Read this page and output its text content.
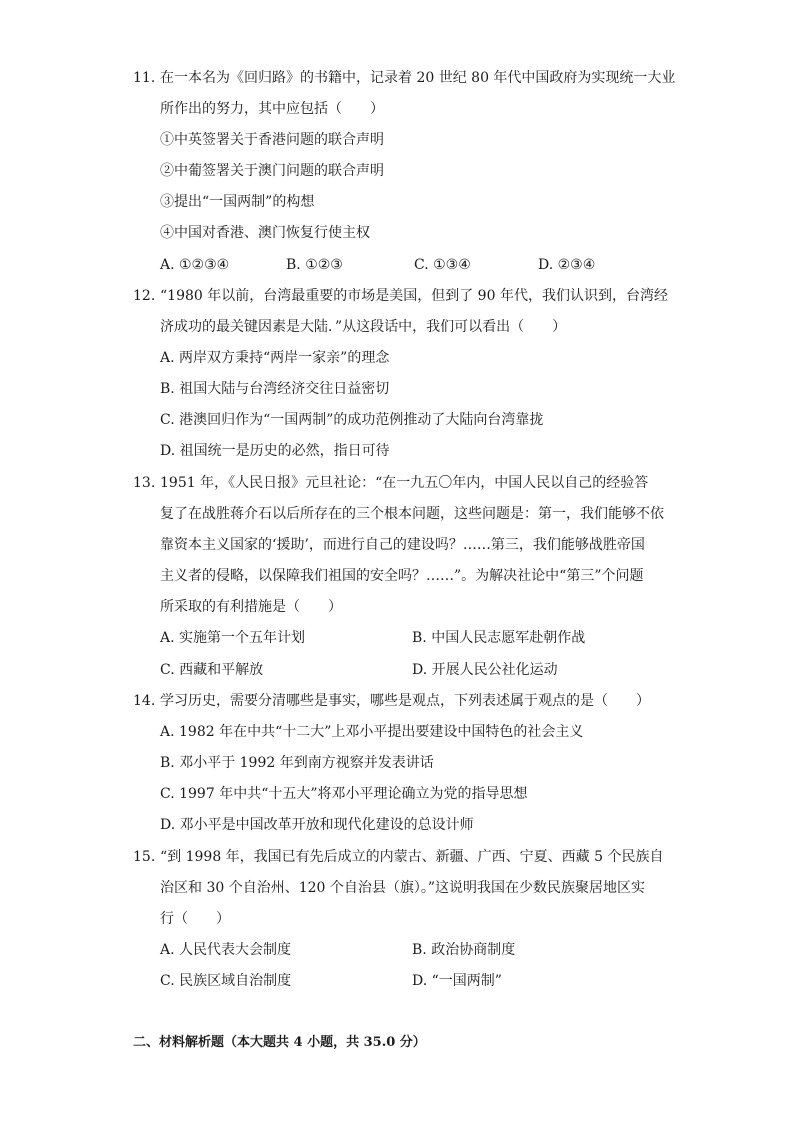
11. 在一本名为《回归路》的书籍中，记录着 20 世纪 80 年代中国政府为实现统一大业
所作出的努力，其中应包括（　　）
①中英签署关于香港问题的联合声明
②中葡签署关于澳门问题的联合声明
③提出“一国两制”的构想
④中国对香港、澳门恢复行使主权
A. ①②③④	B. ①②③	C. ①③④	D. ②③④
12. “1980 年以前，台湾最重要的市场是美国，但到了 90 年代，我们认识到，台湾经
济成功的最关键因素是大陆．”从这段话中，我们可以看出（　　）
A. 两岸双方秉持“两岸一家亲”的理念
B. 祖国大陆与台湾经济交往日益密切
C. 港澳回归作为“一国两制”的成功范例推动了大陆向台湾靠拢
D. 祖国统一是历史的必然，指日可待
13. 1951 年，《人民日报》元旦社论：“在一九五〇年内，中国人民以自己的经验答
复了在战胜蒋介石以后所存在的三个根本问题，这些问题是：第一，我们能够不依
靠资本主义国家的‘援助’，而进行自己的建设吗？……第三，我们能够战胜帝国
主义者的侵略，以保障我们祖国的安全吗？……”。为解决社论中“第三”个问题
所采取的有利措施是（　　）
A. 实施第一个五年计划	B. 中国人民志愿军赴朝作战
C. 西藏和平解放	D. 开展人民公社化运动
14. 学习历史，需要分清哪些是事实，哪些是观点，下列表述属于观点的是（　　）
A. 1982 年在中共“十二大”上邓小平提出要建设中国特色的社会主义
B. 邓小平于 1992 年到南方视察并发表讲话
C. 1997 年中共“十五大”将邓小平理论确立为党的指导思想
D. 邓小平是中国改革开放和现代化建设的总设计师
15. “到 1998 年，我国已有先后成立的内蒙古、新疆、广西、宁夏、西藏 5 个民族自
治区和 30 个自治州、120 个自治县（旗）。”这说明我国在少数民族聚居地区实
行（　　）
A. 人民代表大会制度	B. 政治协商制度
C. 民族区域自治制度	D. “一国两制”
二、材料解析题（本大题共 4 小题，共 35.0 分）
